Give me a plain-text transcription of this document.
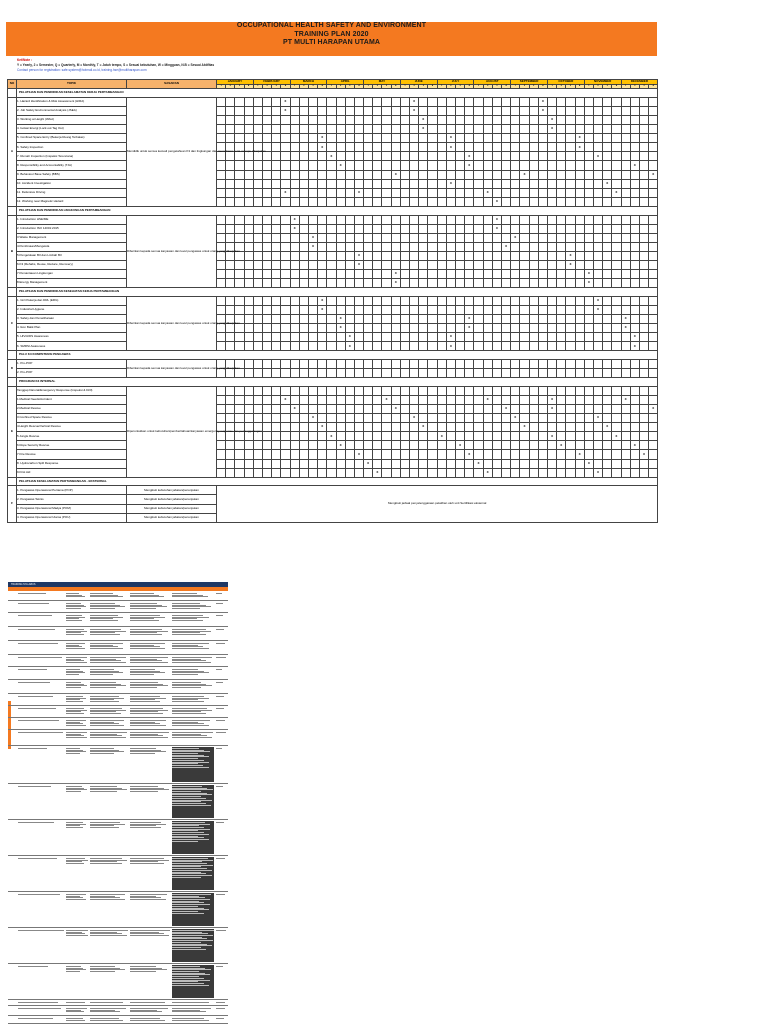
OCCUPATIONAL HEALTH SAFETY AND ENVIRONMENT
TRAINING PLAN 2020
PT MULTI HARAPAN UTAMA
Ket/Note :
Y = Yearly, 2 = Semester, Q = Quarterly, M = Monthly, T = Jatuh tempo, S = Sesuai kebutuhan, W = Mingguan, N.B = Sesuai Aktifitas
Contact person for registration: safe.system@hotmail.co.id, training.hse@multiharapan.com
NO	TOPIK	SASARAN	JANUARY				FEBRUARY				MARCH				APRIL				MAY				JUNE				JULY				AUGUST				SEPTEMBER				OCTOBER				NOVEMBER				DECEMBER			
			1	2	3	4	1	2	3	4	1	2	3	4	1	2	3	4	1	2	3	4	1	2	3	4	1	2	3	4	1	2	3	4	1	2	3	4	1	2	3	4	1	2	3	4	1	2	3	4
	PELATIHAN DAN PENDIDIKAN KESELAMATAN KERJA PERTAMBANGAN																																																	
A	1. Hazard Identification & Risk Assessment (HIRA)	Mendidik untuk semua kecuali pengetahuan K3 dan lingkungan dan memahami serta mampu dikerjakan								X														X														X												
	2. Job Safety Environmental Analysis (JSEA)									X														X														X												
	3. Working at Height (WAH)																								X														X											
	4. Isolasi Energi (Lock out Tag Out)																								X														X											
	5. Confined Space Entry (Bekerja Ruang Terbatas)													X														X														X								
	6. Safety Inspection													X														X														X								
	7. Rumah Inspection (Inspeksi Terencana)														X															X														X						
	8. Responsibility and Accountability (TJA)															X														X																		X		
	9. Behaviour Base Safety (BBS)																					X														X														X
	10. Accident Investigation																											X																	X					
	11. Defensive Driving									X								X														X														X				
	12. Working near Magnetic Hazard																																X																	
	PELATIHAN DAN PENDIDIKAN LINGKUNGAN PERTAMBANGAN																																																	
B	1. Introduction HSE/ME	Diberikan kepada semua karyawan dan level pengawas untuk orang yang dikerjakan									X																						X																	
	2. Introduction ISO 14001:2015										X																						X																	
	3.Waste Management												X																						X															
	4.Pembinaan/Mengelola												X																					X																
	5.Pengelolaan B3 dan Limbah B3																	X																							X									
	6.K3 (Rehabs, Reuse, Reduce, Recovery)																	X																							X									
	7.Pemantauan Lingkungan																					X																					X							
	8.Energy Management																					X																					X							
	PELATIHAN DAN PENDIDIKAN KESEHATAN KERJA PERTAMBANGAN																																																	
C	1. Gizi Pekerja dan DRL (ERG)	Diberikan kepada semua karyawan dan level pengawas untuk orang yang dikerjakan												X																														X						
	2. Industrial Hygiene													X																														X						
	3. Safety dan Pemeliharaan															X														X																	X			
	4. Ikon Batik Plan															X														X																	X			
	5. HIV/AIDS Awareness																X											X																				X		
	6. SMRSI Awareness																X											X																				X		
	PALU K3 KOMPETENSI PENGAWAS																																																	
D	1. Pro-POP	Diberikan kepada semua karyawan dan level pengawas untuk orang yang dikerjakan																																																
	2. Pro-POP																																																	
	PROGRAM K3 INTERNAL																																																	
E	Tanggap Darurat/Emergency Response (Inspeksi & Drill)	Diperuntukkan untuk kebutuhan/pemberitahuan/karyawan emergency response dan penanggulangan																																																
	1.Medical Needs/Accident									X											X											X							X								X			
	2.Medical Rescue										X											X												X					X											X
	3.Confined Space Rescue												X											X											X									X						
	4.Height Rescue/Vertical Rescue													X											X											X									X					
	5.Jungle Rescue														X												X												X							X				
	6.Rope Security Rescue															X													X											X								X		
	7.Fire Rescue																	X												X												X							X	
	8. Hydrocarbon Spill Response																		X												X												X							
	9.First Aid																			X												X												X						
	PELATIHAN KESELAMATAN PERTAMBANGAN - EKSTERNAL																																																	
F	1. Pengawas Operasional Pertama (POP)	Mengikuti kebutuhan jabatan/penunjukan	Mengikuti jadwal penyelenggaraan pelatihan oleh unit Sertifikasi eksternal																																															
	2. Pengawas Teknis	Mengikuti kebutuhan jabatan/penunjukan																																																
	3. Pengawas Operasional Madya (POM)	Mengikuti kebutuhan jabatan/penunjukan																																																
	4. Pengawas Operasional Utama (POU)	Mengikuti kebutuhan jabatan/penunjukan																																																
TRAINING SYLLABUS
